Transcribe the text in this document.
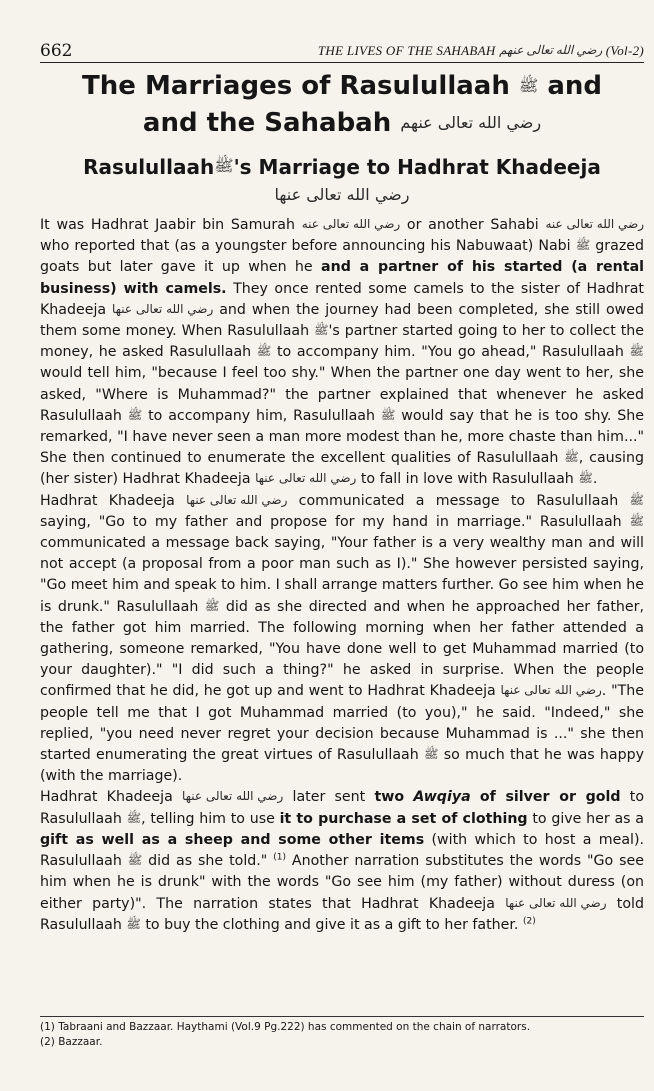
662	THE LIVES OF THE SAHABAH رضي الله تعالى عنهم (Vol-2)
The Marriages of Rasulullaah ﷺ and
and the Sahabah رضي الله تعالى عنهم
Rasulullaahﷺ's Marriage to Hadhrat Khadeeja رضي الله تعالى عنها

It was Hadhrat Jaabir bin Samurah رضي الله تعالى عنه or another Sahabi رضي الله تعالى عنه who reported that (as a youngster before announcing his Nabuwaat) Nabi ﷺ grazed goats but later gave it up when he and a partner of his started (a rental business) with camels. They once rented some camels to the sister of Hadhrat Khadeeja رضي الله تعالى عنها and when the journey had been completed, she still owed them some money. When Rasulullaah ﷺ's partner started going to her to collect the money, he asked Rasulullaah ﷺ to accompany him. "You go ahead," Rasulullaah ﷺ would tell him, "because I feel too shy." When the partner one day went to her, she asked, "Where is Muhammad?" the partner explained that whenever he asked Rasulullaah ﷺ to accompany him, Rasulullaah ﷺ would say that he is too shy. She remarked, "I have never seen a man more modest than he, more chaste than him..." She then continued to enumerate the excellent qualities of Rasulullaah ﷺ, causing (her sister) Hadhrat Khadeeja رضي الله تعالى عنها to fall in love with Rasulullaah ﷺ.

Hadhrat Khadeeja رضي الله تعالى عنها communicated a message to Rasulullaah ﷺ saying, "Go to my father and propose for my hand in marriage." Rasulullaah ﷺ communicated a message back saying, "Your father is a very wealthy man and will not accept (a proposal from a poor man such as I)." She however persisted saying, "Go meet him and speak to him. I shall arrange matters further. Go see him when he is drunk." Rasulullaah ﷺ did as she directed and when he approached her father, the father got him married. The following morning when her father attended a gathering, someone remarked, "You have done well to get Muhammad married (to your daughter)." "I did such a thing?" he asked in surprise. When the people confirmed that he did, he got up and went to Hadhrat Khadeeja رضي الله تعالى عنها. "The people tell me that I got Muhammad married (to you)," he said. "Indeed," she replied, "you need never regret your decision because Muhammad is ..." she then started enumerating the great virtues of Rasulullaah ﷺ so much that he was happy (with the marriage).

Hadhrat Khadeeja رضي الله تعالى عنها later sent two Awqiya of silver or gold to Rasulullaah ﷺ, telling him to use it to purchase a set of clothing to give her as a gift as well as a sheep and some other items (with which to host a meal). Rasulullaah ﷺ did as she told." $^{(1)}$ Another narration substitutes the words "Go see him when he is drunk" with the words "Go see him (my father) without duress (on either party)". The narration states that Hadhrat Khadeeja رضي الله تعالى عنها told Rasulullaah ﷺ to buy the clothing and give it as a gift to her father. $^{(2)}$

(1) Tabraani and Bazzaar. Haythami (Vol.9 Pg.222) has commented on the chain of narrators.
(2) Bazzaar.
